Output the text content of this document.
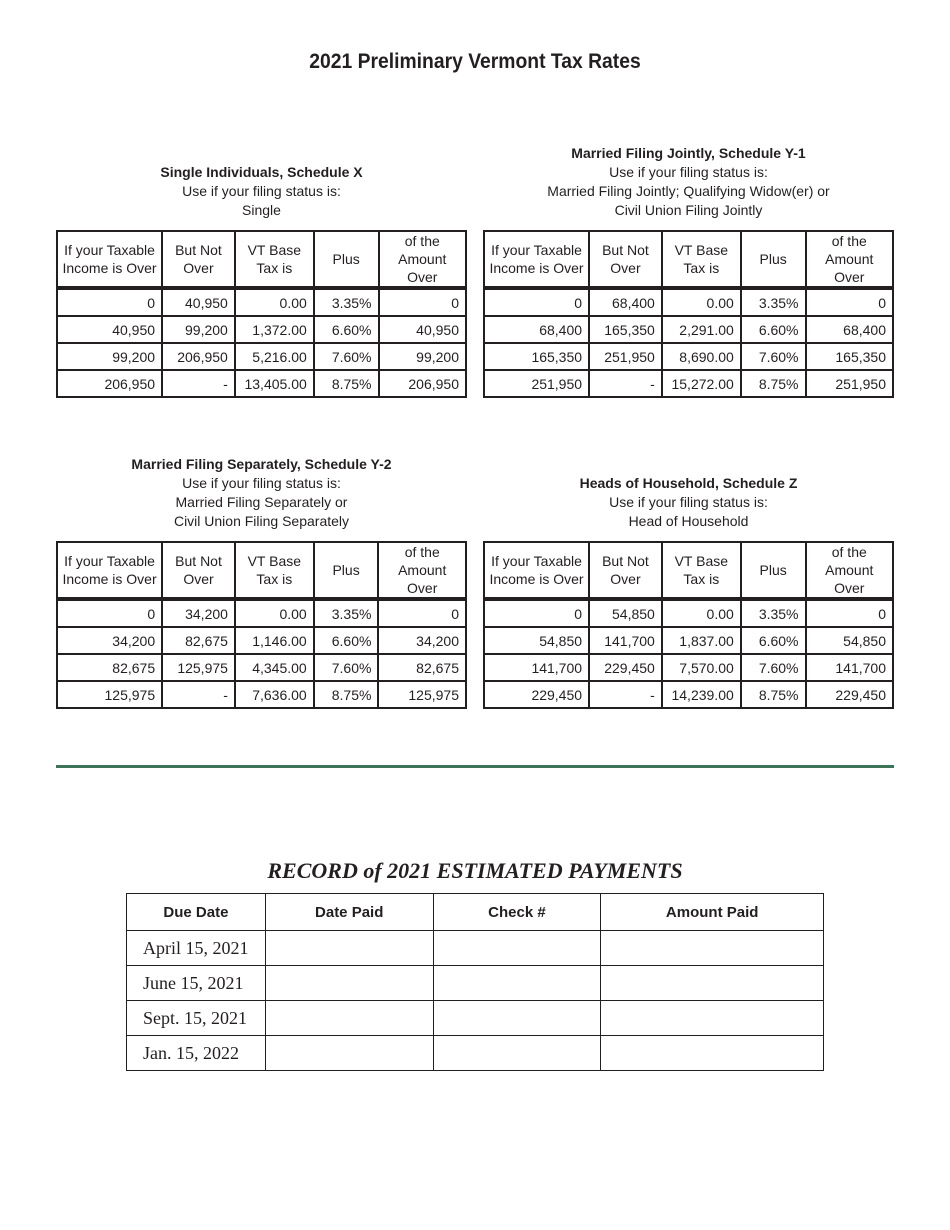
2021 Preliminary Vermont Tax Rates
Single Individuals, Schedule X
Use if your filing status is:
Single
If your Taxable
Income is Over	But Not
Over	VT Base
Tax is	Plus	of the
Amount Over
0	40,950	0.00	3.35%	0
40,950	99,200	1,372.00	6.60%	40,950
99,200	206,950	5,216.00	7.60%	99,200
206,950	-	13,405.00	8.75%	206,950
Married Filing Jointly, Schedule Y-1
Use if your filing status is:
Married Filing Jointly; Qualifying Widow(er) or
Civil Union Filing Jointly
If your Taxable
Income is Over	But Not
Over	VT Base
Tax is	Plus	of the
Amount Over
0	68,400	0.00	3.35%	0
68,400	165,350	2,291.00	6.60%	68,400
165,350	251,950	8,690.00	7.60%	165,350
251,950	-	15,272.00	8.75%	251,950
Married Filing Separately, Schedule Y-2
Use if your filing status is:
Married Filing Separately or
Civil Union Filing Separately
If your Taxable
Income is Over	But Not
Over	VT Base
Tax is	Plus	of the
Amount Over
0	34,200	0.00	3.35%	0
34,200	82,675	1,146.00	6.60%	34,200
82,675	125,975	4,345.00	7.60%	82,675
125,975	-	7,636.00	8.75%	125,975
Heads of Household, Schedule Z
Use if your filing status is:
Head of Household
If your Taxable
Income is Over	But Not
Over	VT Base
Tax is	Plus	of the
Amount Over
0	54,850	0.00	3.35%	0
54,850	141,700	1,837.00	6.60%	54,850
141,700	229,450	7,570.00	7.60%	141,700
229,450	-	14,239.00	8.75%	229,450
RECORD of 2021 ESTIMATED PAYMENTS
Due Date	Date Paid	Check #	Amount Paid
April 15, 2021			
June 15, 2021			
Sept. 15, 2021			
Jan. 15, 2022			
